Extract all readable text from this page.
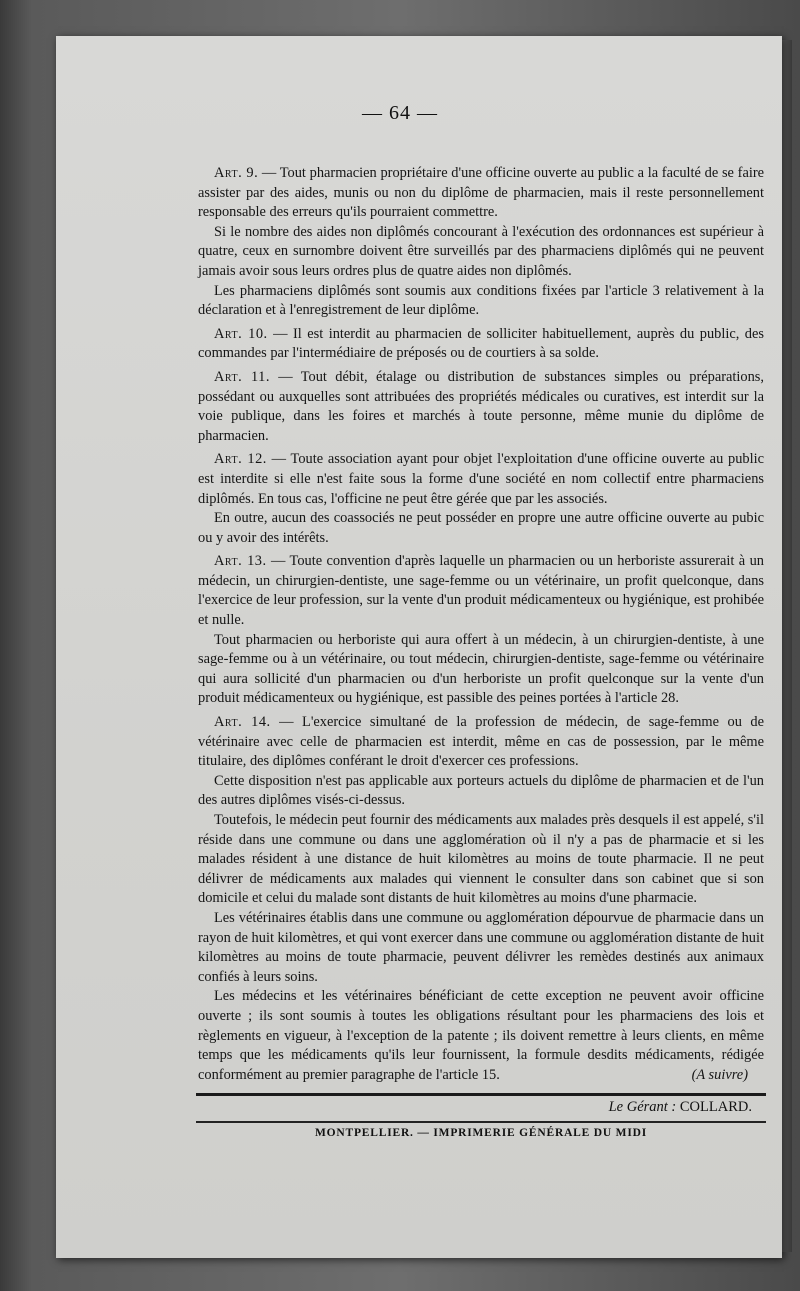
— 64 —

Art. 9. — Tout pharmacien propriétaire d'une officine ouverte au public a la faculté de se faire assister par des aides, munis ou non du diplôme de pharmacien, mais il reste personnellement responsable des erreurs qu'ils pourraient commettre.

Si le nombre des aides non diplômés concourant à l'exécution des ordonnances est supérieur à quatre, ceux en surnombre doivent être surveillés par des pharmaciens diplômés qui ne peuvent jamais avoir sous leurs ordres plus de quatre aides non diplômés.

Les pharmaciens diplômés sont soumis aux conditions fixées par l'article 3 relativement à la déclaration et à l'enregistrement de leur diplôme.

Art. 10. — Il est interdit au pharmacien de solliciter habituellement, auprès du public, des commandes par l'intermédiaire de préposés ou de courtiers à sa solde.

Art. 11. — Tout débit, étalage ou distribution de substances simples ou préparations, possédant ou auxquelles sont attribuées des propriétés médicales ou curatives, est interdit sur la voie publique, dans les foires et marchés à toute personne, même munie du diplôme de pharmacien.

Art. 12. — Toute association ayant pour objet l'exploitation d'une officine ouverte au public est interdite si elle n'est faite sous la forme d'une société en nom collectif entre pharmaciens diplômés. En tous cas, l'officine ne peut être gérée que par les associés.

En outre, aucun des coassociés ne peut posséder en propre une autre officine ouverte au pubic ou y avoir des intérêts.

Art. 13. — Toute convention d'après laquelle un pharmacien ou un herboriste assurerait à un médecin, un chirurgien-dentiste, une sage-femme ou un vétérinaire, un profit quelconque, dans l'exercice de leur profession, sur la vente d'un produit médicamenteux ou hygiénique, est prohibée et nulle.

Tout pharmacien ou herboriste qui aura offert à un médecin, à un chirurgien-dentiste, à une sage-femme ou à un vétérinaire, ou tout médecin, chirurgien-dentiste, sage-femme ou vétérinaire qui aura sollicité d'un pharmacien ou d'un herboriste un profit quelconque sur la vente d'un produit médicamenteux ou hygiénique, est passible des peines portées à l'article 28.

Art. 14. — L'exercice simultané de la profession de médecin, de sage-femme ou de vétérinaire avec celle de pharmacien est interdit, même en cas de possession, par le même titulaire, des diplômes conférant le droit d'exercer ces professions.

Cette disposition n'est pas applicable aux porteurs actuels du diplôme de pharmacien et de l'un des autres diplômes visés-ci-dessus.

Toutefois, le médecin peut fournir des médicaments aux malades près desquels il est appelé, s'il réside dans une commune ou dans une agglomération où il n'y a pas de pharmacie et si les malades résident à une distance de huit kilomètres au moins de toute pharmacie. Il ne peut délivrer de médicaments aux malades qui viennent le consulter dans son cabinet que si son domicile et celui du malade sont distants de huit kilomètres au moins d'une pharmacie.

Les vétérinaires établis dans une commune ou agglomération dépourvue de pharmacie dans un rayon de huit kilomètres, et qui vont exercer dans une commune ou agglomération distante de huit kilomètres au moins de toute pharmacie, peuvent délivrer les remèdes destinés aux animaux confiés à leurs soins.

Les médecins et les vétérinaires bénéficiant de cette exception ne peuvent avoir officine ouverte ; ils sont soumis à toutes les obligations résultant pour les pharmaciens des lois et règlements en vigueur, à l'exception de la patente ; ils doivent remettre à leurs clients, en même temps que les médicaments qu'ils leur fournissent, la formule desdits médicaments, rédigée conformément au premier paragraphe de l'article 15.	(A suivre)

Le Gérant : COLLARD.
MONTPELLIER. — IMPRIMERIE GÉNÉRALE DU MIDI
